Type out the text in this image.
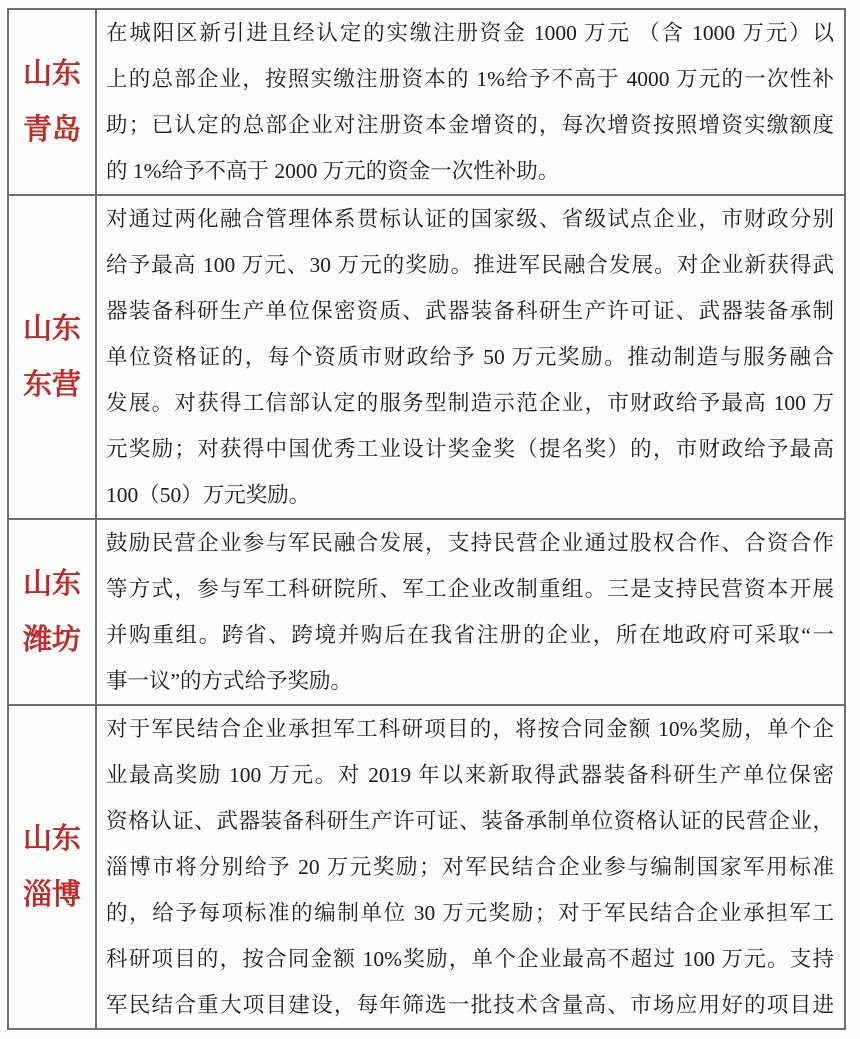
山东
青岛
在城阳区新引进且经认定的实缴注册资金 1000 万元 （含 1000 万元）以
上的总部企业，按照实缴注册资本的 1%给予不高于 4000 万元的一次性补
助；已认定的总部企业对注册资本金增资的，每次增资按照增资实缴额度
的 1%给予不高于 2000 万元的资金一次性补助。
山东
东营
对通过两化融合管理体系贯标认证的国家级、省级试点企业，市财政分别
给予最高 100 万元、30 万元的奖励。推进军民融合发展。对企业新获得武
器装备科研生产单位保密资质、武器装备科研生产许可证、武器装备承制
单位资格证的，每个资质市财政给予 50 万元奖励。推动制造与服务融合
发展。对获得工信部认定的服务型制造示范企业，市财政给予最高 100 万
元奖励；对获得中国优秀工业设计奖金奖（提名奖）的，市财政给予最高
100（50）万元奖励。
山东
潍坊
鼓励民营企业参与军民融合发展，支持民营企业通过股权合作、合资合作
等方式，参与军工科研院所、军工企业改制重组。三是支持民营资本开展
并购重组。跨省、跨境并购后在我省注册的企业，所在地政府可采取“一
事一议”的方式给予奖励。
山东
淄博
对于军民结合企业承担军工科研项目的，将按合同金额 10%奖励，单个企
业最高奖励 100 万元。对 2019 年以来新取得武器装备科研生产单位保密
资格认证、武器装备科研生产许可证、装备承制单位资格认证的民营企业，
淄博市将分别给予 20 万元奖励；对军民结合企业参与编制国家军用标准
的，给予每项标准的编制单位 30 万元奖励；对于军民结合企业承担军工
科研项目的，按合同金额 10%奖励，单个企业最高不超过 100 万元。支持
军民结合重大项目建设，每年筛选一批技术含量高、市场应用好的项目进
